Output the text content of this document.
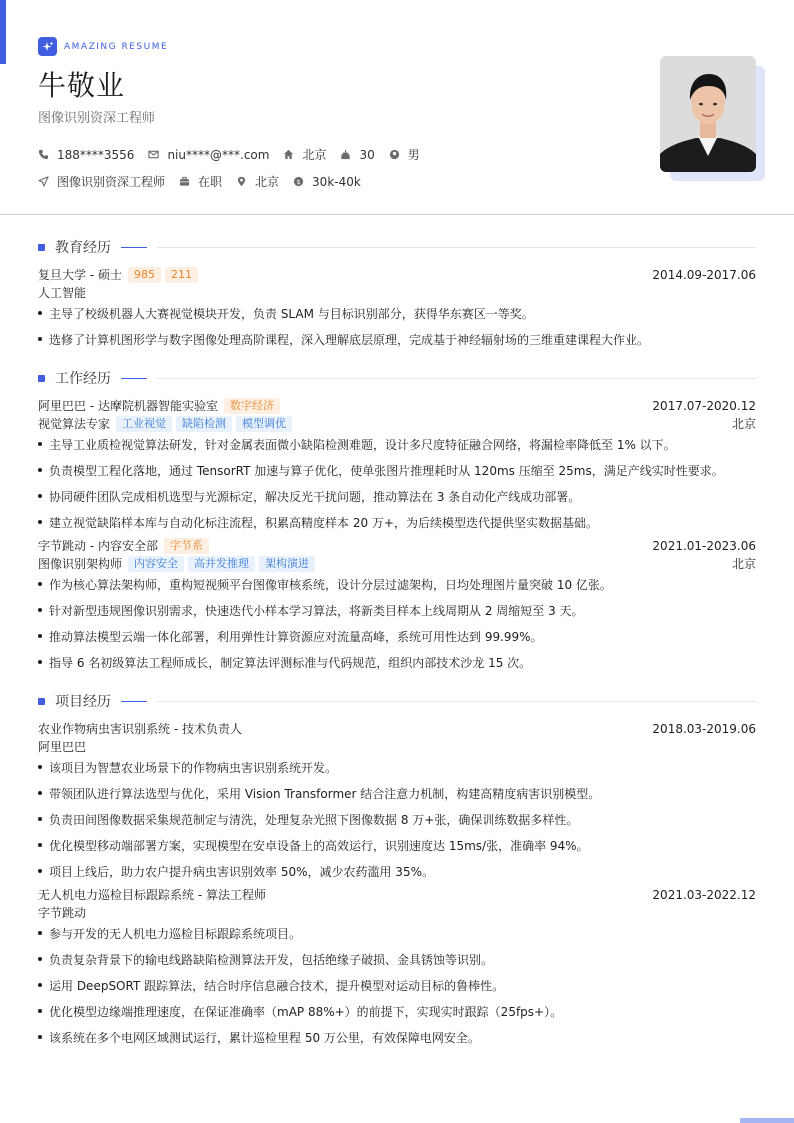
AMAZING RESUME
牛敬业
图像识别资深工程师
188****3556	niu****@***.com	北京	30	男
图像识别资深工程师	在职	北京 $ 30k-40k
教育经历
复旦大学 - 硕士	985	211	2014.09-2017.06
人工智能
主导了校级机器人大赛视觉模块开发，负责 SLAM 与目标识别部分，获得华东赛区一等奖。
选修了计算机图形学与数字图像处理高阶课程，深入理解底层原理，完成基于神经辐射场的三维重建课程大作业。
工作经历
阿里巴巴 - 达摩院机器智能实验室	数字经济	2017.07-2020.12
视觉算法专家	工业视觉	缺陷检测	模型调优	北京
主导工业质检视觉算法研发，针对金属表面微小缺陷检测难题，设计多尺度特征融合网络，将漏检率降低至 1% 以下。
负责模型工程化落地，通过 TensorRT 加速与算子优化，使单张图片推理耗时从 120ms 压缩至 25ms，满足产线实时性要求。
协同硬件团队完成相机选型与光源标定，解决反光干扰问题，推动算法在 3 条自动化产线成功部署。
建立视觉缺陷样本库与自动化标注流程，积累高精度样本 20 万+，为后续模型迭代提供坚实数据基础。
字节跳动 - 内容安全部	字节系	2021.01-2023.06
图像识别架构师	内容安全	高并发推理	架构演进	北京
作为核心算法架构师，重构短视频平台图像审核系统，设计分层过滤架构，日均处理图片量突破 10 亿张。
针对新型违规图像识别需求，快速迭代小样本学习算法，将新类目样本上线周期从 2 周缩短至 3 天。
推动算法模型云端一体化部署，利用弹性计算资源应对流量高峰，系统可用性达到 99.99%。
指导 6 名初级算法工程师成长，制定算法评测标准与代码规范，组织内部技术沙龙 15 次。
项目经历
农业作物病虫害识别系统 - 技术负责人	2018.03-2019.06
阿里巴巴
该项目为智慧农业场景下的作物病虫害识别系统开发。
带领团队进行算法选型与优化，采用 Vision Transformer 结合注意力机制，构建高精度病害识别模型。
负责田间图像数据采集规范制定与清洗，处理复杂光照下图像数据 8 万+张，确保训练数据多样性。
优化模型移动端部署方案，实现模型在安卓设备上的高效运行，识别速度达 15ms/张，准确率 94%。
项目上线后，助力农户提升病虫害识别效率 50%，减少农药滥用 35%。
无人机电力巡检目标跟踪系统 - 算法工程师	2021.03-2022.12
字节跳动
参与开发的无人机电力巡检目标跟踪系统项目。
负责复杂背景下的输电线路缺陷检测算法开发，包括绝缘子破损、金具锈蚀等识别。
运用 DeepSORT 跟踪算法，结合时序信息融合技术，提升模型对运动目标的鲁棒性。
优化模型边缘端推理速度，在保证准确率（mAP 88%+）的前提下，实现实时跟踪（25fps+）。
该系统在多个电网区域测试运行，累计巡检里程 50 万公里，有效保障电网安全。
